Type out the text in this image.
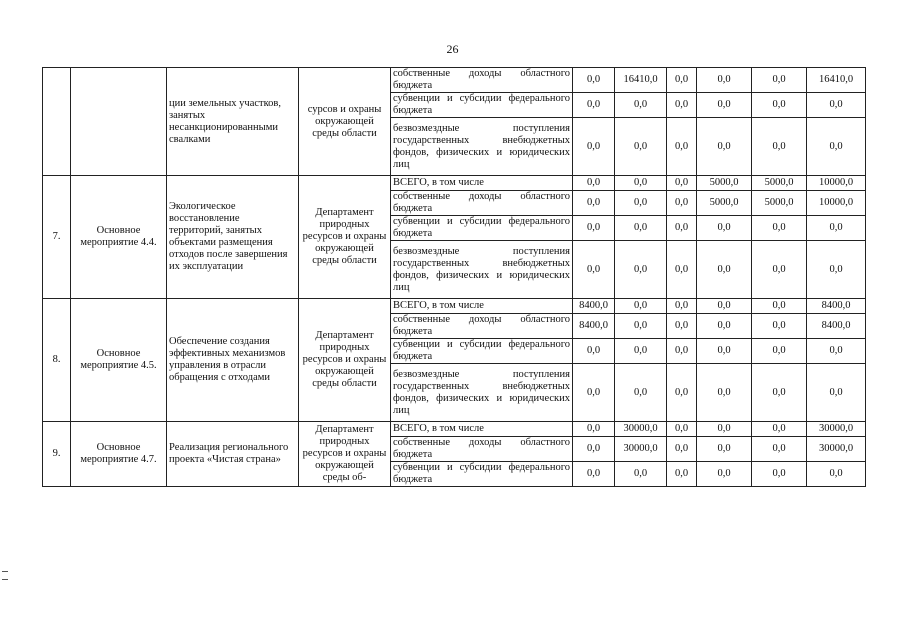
26
		ции земельных участков, занятых несанкционированными свалками	сурсов и охраны окружающей среды области	собственные доходы областного бюджета	0,0	16410,0	0,0	0,0	0,0	16410,0
				субвенции и субсидии федерального бюджета	0,0	0,0	0,0	0,0	0,0	0,0
				безвозмездные поступления государственных внебюджетных фондов, физических и юридических лиц	0,0	0,0	0,0	0,0	0,0	0,0
7.	Основное мероприятие 4.4.	Экологическое восстановление территорий, занятых объектами размещения отходов после завершения их эксплуатации	Департамент природных ресурсов и охраны окружающей среды области	ВСЕГО, в том числе	0,0	0,0	0,0	5000,0	5000,0	10000,0
				собственные доходы областного бюджета	0,0	0,0	0,0	5000,0	5000,0	10000,0
				субвенции и субсидии федерального бюджета	0,0	0,0	0,0	0,0	0,0	0,0
				безвозмездные поступления государственных внебюджетных фондов, физических и юридических лиц	0,0	0,0	0,0	0,0	0,0	0,0
8.	Основное мероприятие 4.5.	Обеспечение создания эффективных механизмов управления в отрасли обращения с отходами	Департамент природных ресурсов и охраны окружающей среды области	ВСЕГО, в том числе	8400,0	0,0	0,0	0,0	0,0	8400,0
				собственные доходы областного бюджета	8400,0	0,0	0,0	0,0	0,0	8400,0
				субвенции и субсидии федерального бюджета	0,0	0,0	0,0	0,0	0,0	0,0
				безвозмездные поступления государственных внебюджетных фондов, физических и юридических лиц	0,0	0,0	0,0	0,0	0,0	0,0
9.	Основное мероприятие 4.7.	Реализация регионального проекта «Чистая страна»	Департамент природных ресурсов и охраны окружающей среды об-	ВСЕГО, в том числе	0,0	30000,0	0,0	0,0	0,0	30000,0
				собственные доходы областного бюджета	0,0	30000,0	0,0	0,0	0,0	30000,0
				субвенции и субсидии федерального бюджета	0,0	0,0	0,0	0,0	0,0	0,0
